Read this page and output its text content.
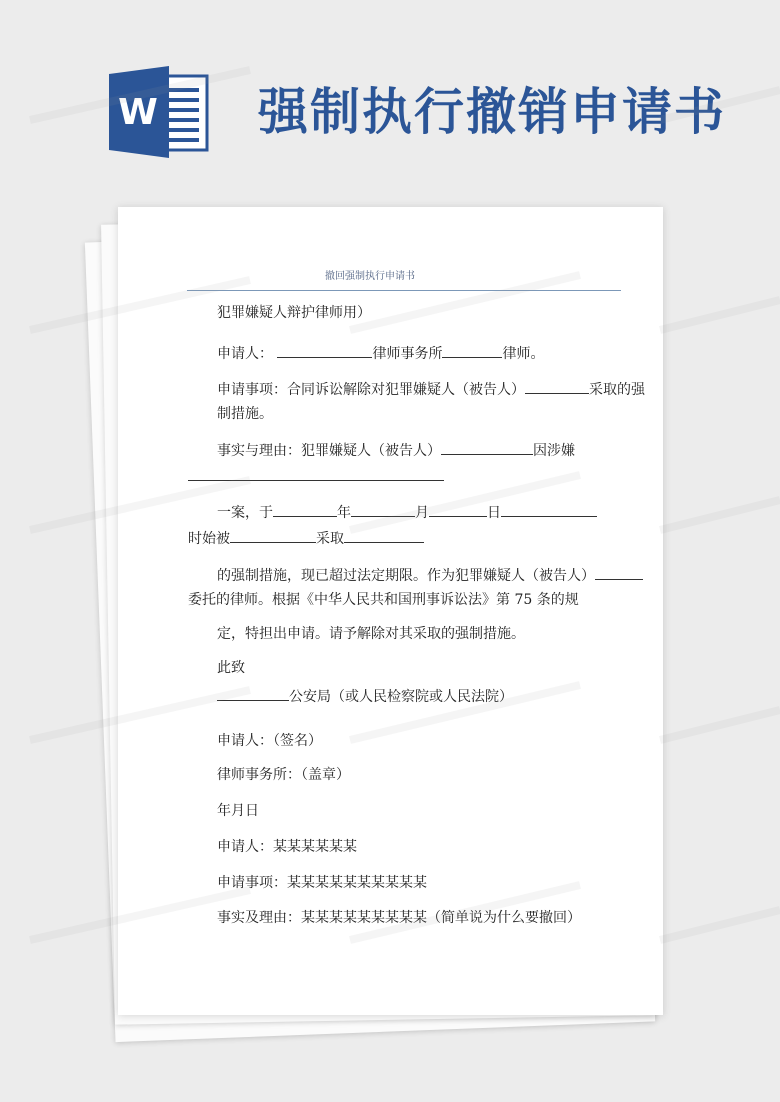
W 强制执行撤销申请书
撤回强制执行申请书
犯罪嫌疑人辩护律师用）
申请人：	律师事务所	律师。
申请事项：合同诉讼解除对犯罪嫌疑人（被告人）	采取的强
制措施。
事实与理由：犯罪嫌疑人（被告人）	因涉嫌
一案，于	年	月	日
时始被	采取
的强制措施，现已超过法定期限。作为犯罪嫌疑人（被告人）
委托的律师。根据《中华人民共和国刑事诉讼法》第 75 条的规
定，特担出申请。请予解除对其采取的强制措施。
此致
公安局（或人民检察院或人民法院）
申请人：（签名）
律师事务所：（盖章）
年月日
申请人：某某某某某某
申请事项：某某某某某某某某某某
事实及理由：某某某某某某某某某（简单说为什么要撤回）
